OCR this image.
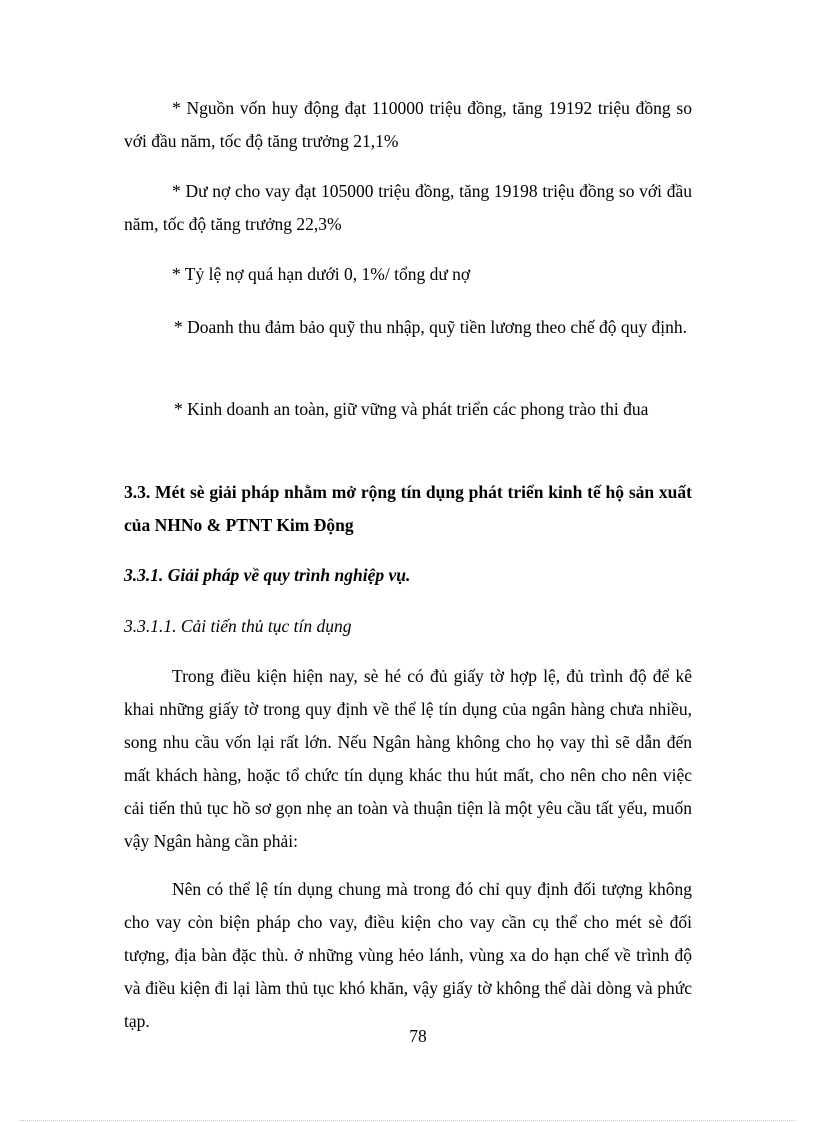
* Nguồn vốn huy động đạt 110000 triệu đồng, tăng 19192 triệu đồng so với đầu năm, tốc độ tăng trưởng 21,1%

* Dư nợ cho vay đạt 105000 triệu đồng, tăng 19198 triệu đồng so với đầu năm, tốc độ tăng trưởng 22,3%

* Tỷ lệ nợ quá hạn dưới 0, 1%/ tổng dư nợ

* Doanh thu đảm bảo quỹ thu nhập, quỹ tiền lương theo chế độ quy định.

* Kinh doanh an toàn, giữ vững và phát triển các phong trào thi đua

3.3. Mét sè giải pháp nhằm mở rộng tín dụng phát triển kinh tế hộ sản xuất của NHNo & PTNT Kim Động

3.3.1. Giải pháp về quy trình nghiệp vụ.

3.3.1.1. Cải tiến thủ tục tín dụng

Trong điều kiện hiện nay, sè hé có đủ giấy tờ hợp lệ, đủ trình độ để kê khai những giấy tờ trong quy định về thể lệ tín dụng của ngân hàng chưa nhiều, song nhu cầu vốn lại rất lớn. Nếu Ngân hàng không cho họ vay thì sẽ dẫn đến mất khách hàng, hoặc tổ chức tín dụng khác thu hút mất, cho nên cho nên việc cải tiến thủ tục hồ sơ gọn nhẹ an toàn và thuận tiện là một yêu cầu tất yếu, muốn vậy Ngân hàng cần phải:

Nên có thể lệ tín dụng chung mà trong đó chỉ quy định đối tượng không cho vay còn biện pháp cho vay, điều kiện cho vay cần cụ thể cho mét sè đối tượng, địa bàn đặc thù. ở những vùng hẻo lánh, vùng xa do hạn chế về trình độ và điều kiện đi lại làm thủ tục khó khăn, vậy giấy tờ không thể dài dòng và phức tạp.

78
